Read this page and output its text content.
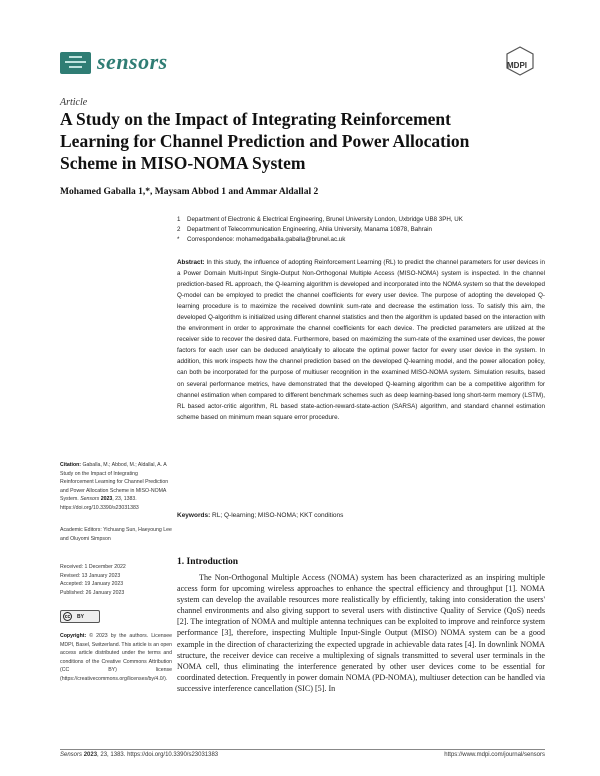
sensors	MDPI
Article
A Study on the Impact of Integrating Reinforcement Learning for Channel Prediction and Power Allocation Scheme in MISO-NOMA System
Mohamed Gaballa 1,*, Maysam Abbod 1 and Ammar Aldallal 2
1	Department of Electronic & Electrical Engineering, Brunel University London, Uxbridge UB8 3PH, UK
2	Department of Telecommunication Engineering, Ahlia University, Manama 10878, Bahrain
*	Correspondence: mohamedgaballa.gaballa@brunel.ac.uk
Abstract: In this study, the influence of adopting Reinforcement Learning (RL) to predict the channel parameters for user devices in a Power Domain Multi-Input Single-Output Non-Orthogonal Multiple Access (MISO-NOMA) system is inspected. In the channel prediction-based RL approach, the Q-learning algorithm is developed and incorporated into the NOMA system so that the developed Q-model can be employed to predict the channel coefficients for every user device. The purpose of adopting the developed Q-learning procedure is to maximize the received downlink sum-rate and decrease the estimation loss. To satisfy this aim, the developed Q-algorithm is initialized using different channel statistics and then the algorithm is updated based on the interaction with the environment in order to approximate the channel coefficients for each device. The predicted parameters are utilized at the receiver side to recover the desired data. Furthermore, based on maximizing the sum-rate of the examined user devices, the power factors for each user can be deduced analytically to allocate the optimal power factor for every user device in the system. In addition, this work inspects how the channel prediction based on the developed Q-learning model, and the power allocation policy, can both be incorporated for the purpose of multiuser recognition in the examined MISO-NOMA system. Simulation results, based on several performance metrics, have demonstrated that the developed Q-learning algorithm can be a competitive algorithm for channel estimation when compared to different benchmark schemes such as deep learning-based long short-term memory (LSTM), RL based actor-critic algorithm, RL based state-action-reward-state-action (SARSA) algorithm, and standard channel estimation scheme based on minimum mean square error procedure.
Keywords: RL; Q-learning; MISO-NOMA; KKT conditions
Citation: Gaballa, M.; Abbod, M.; Aldallal, A. A Study on the Impact of Integrating Reinforcement Learning for Channel Prediction and Power Allocation Scheme in MISO-NOMA System. Sensors 2023, 23, 1383. https://doi.org/10.3390/s23031383
Academic Editors: Yichuang Sun, Haeyoung Lee and Oluyomi Simpson
Received: 1 December 2022
Revised: 13 January 2023
Accepted: 19 January 2023
Published: 26 January 2023
cc	BY
Copyright: © 2023 by the authors. Licensee MDPI, Basel, Switzerland. This article is an open access article distributed under the terms and conditions of the Creative Commons Attribution (CC BY) license (https://creativecommons.org/licenses/by/4.0/).
1. Introduction

The Non-Orthogonal Multiple Access (NOMA) system has been characterized as an inspiring multiple access form for upcoming wireless approaches to enhance the spectral efficiency and throughput [1]. NOMA system can develop the available resources more realistically by efficiently, taking into consideration the users' channel environments and also giving support to several users with distinctive Quality of Service (QoS) needs [2]. The integration of NOMA and multiple antenna techniques can be exploited to improve and reinforce system performance [3], therefore, inspecting Multiple Input-Single Output (MISO) NOMA system can be a good example in the direction of characterizing the expected upgrade in achievable data rates [4]. In downlink NOMA structure, the receiver device can receive a multiplexing of signals transmitted to several user terminals in the NOMA cell, thus eliminating the interference generated by other user devices come to be essential for coordinated detection. Frequently in power domain NOMA (PD-NOMA), multiuser detection can be handled via successive interference cancellation (SIC) [5]. In

Sensors 2023, 23, 1383. https://doi.org/10.3390/s23031383	https://www.mdpi.com/journal/sensors
